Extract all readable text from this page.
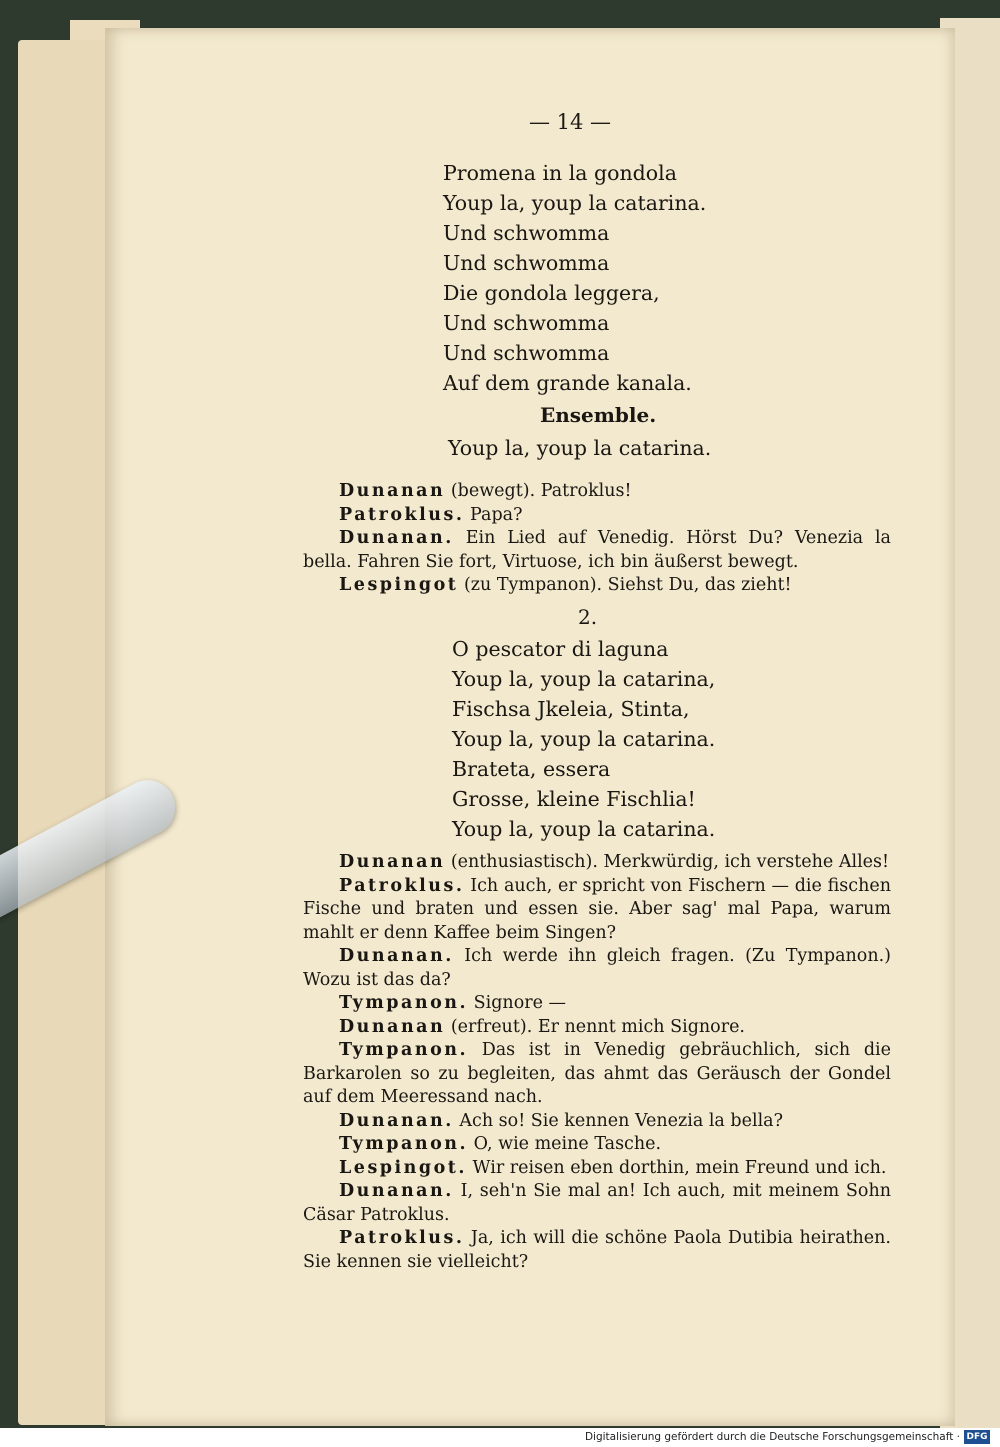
— 14 —
Promena in la gondola
Youp la, youp la catarina.
Und schwomma
Und schwomma
Die gondola leggera,
Und schwomma
Und schwomma
Auf dem grande kanala.
Ensemble.
Youp la, youp la catarina.

Dunanan (bewegt). Patroklus!

Patroklus. Papa?

Dunanan. Ein Lied auf Venedig. Hörst Du? Venezia la bella. Fahren Sie fort, Virtuose, ich bin äußerst bewegt.

Lespingot (zu Tympanon). Siehst Du, das zieht!

2.
O pescator di laguna
Youp la, youp la catarina,
Fischsa Jkeleia, Stinta,
Youp la, youp la catarina.
Brateta, essera
Grosse, kleine Fischlia!
Youp la, youp la catarina.

Dunanan (enthusiastisch). Merkwürdig, ich verstehe Alles!

Patroklus. Ich auch, er spricht von Fischern — die fischen Fische und braten und essen sie. Aber sag' mal Papa, warum mahlt er denn Kaffee beim Singen?

Dunanan. Ich werde ihn gleich fragen. (Zu Tympanon.) Wozu ist das da?

Tympanon. Signore —

Dunanan (erfreut). Er nennt mich Signore.

Tympanon. Das ist in Venedig gebräuchlich, sich die Barkarolen so zu begleiten, das ahmt das Geräusch der Gondel auf dem Meeressand nach.

Dunanan. Ach so! Sie kennen Venezia la bella?

Tympanon. O, wie meine Tasche.

Lespingot. Wir reisen eben dorthin, mein Freund und ich.

Dunanan. I, seh'n Sie mal an! Ich auch, mit meinem Sohn Cäsar Patroklus.

Patroklus. Ja, ich will die schöne Paola Dutibia heirathen. Sie kennen sie vielleicht?

Digitalisierung gefördert durch die Deutsche Forschungsgemeinschaft · DFG
